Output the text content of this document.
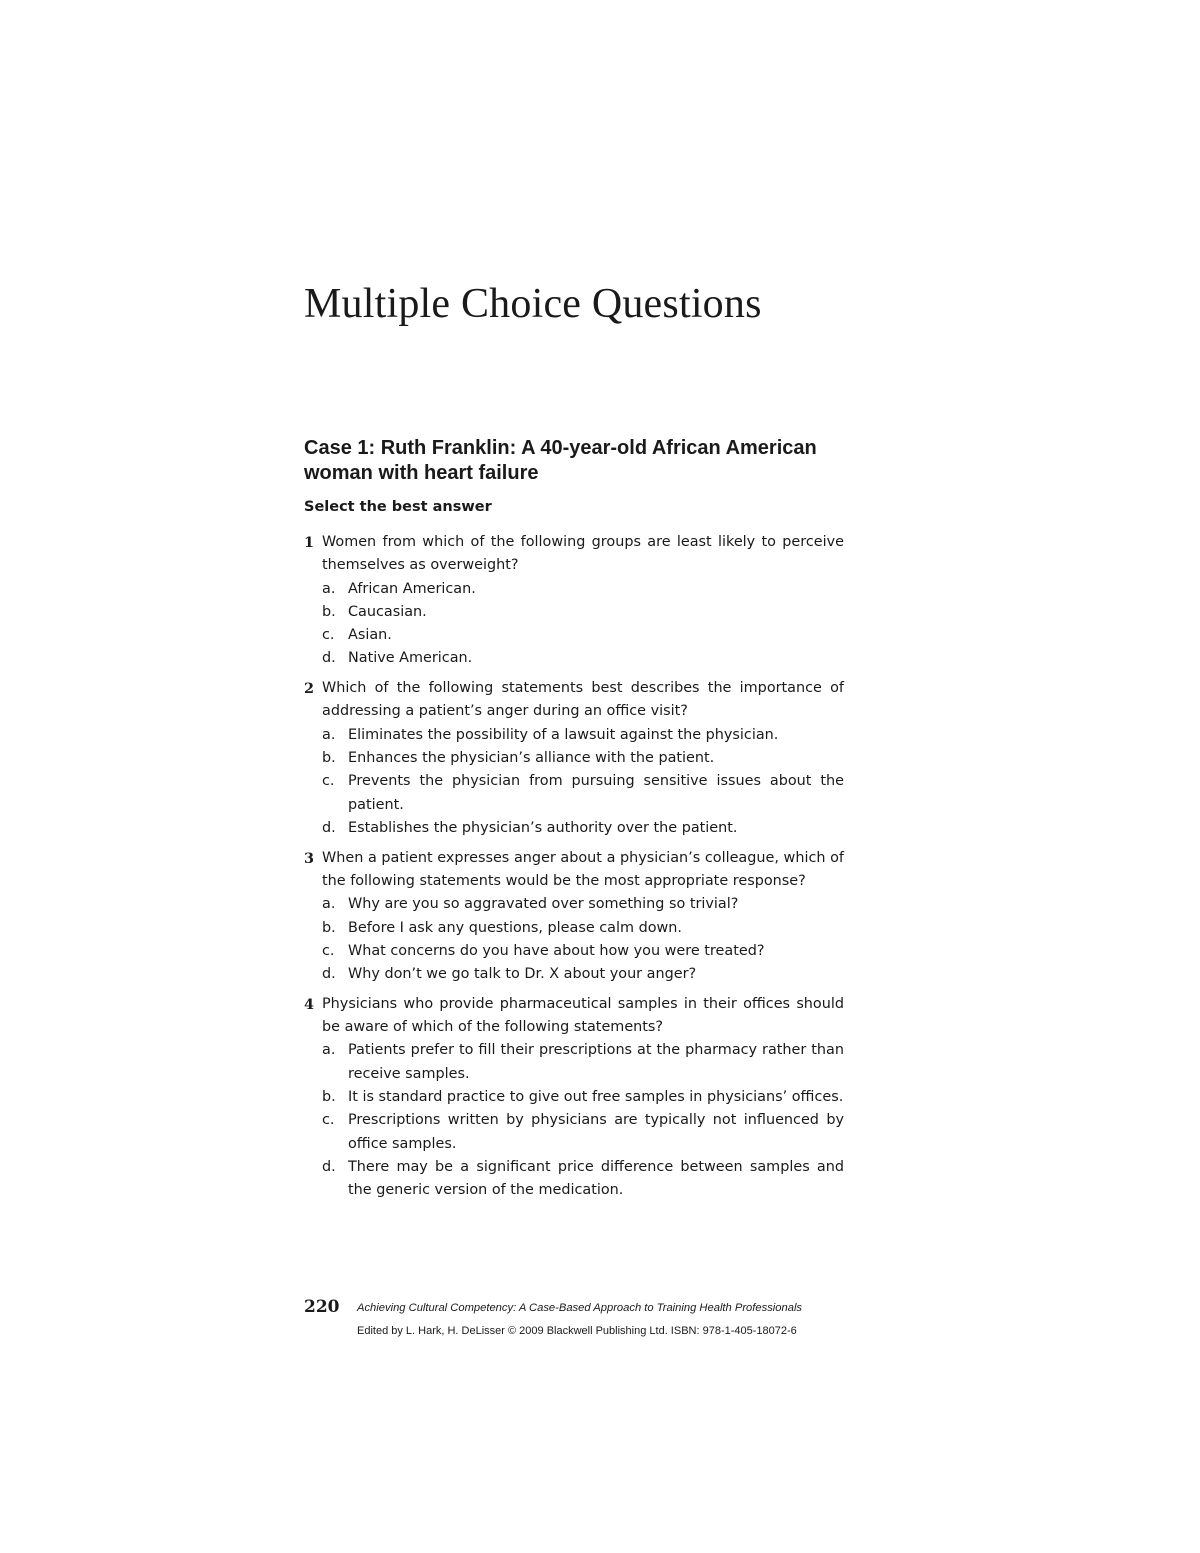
Multiple Choice Questions
Case 1: Ruth Franklin: A 40-year-old African American woman with heart failure

Select the best answer

1 Women from which of the following groups are least likely to perceive themselves as overweight?
a. African American.
b. Caucasian.
c. Asian.
d. Native American.
2 Which of the following statements best describes the importance of addressing a patient’s anger during an office visit?
a. Eliminates the possibility of a lawsuit against the physician.
b. Enhances the physician’s alliance with the patient.
c. Prevents the physician from pursuing sensitive issues about the patient.
d. Establishes the physician’s authority over the patient.
3 When a patient expresses anger about a physician’s colleague, which of the following statements would be the most appropriate response?
a. Why are you so aggravated over something so trivial?
b. Before I ask any questions, please calm down.
c. What concerns do you have about how you were treated?
d. Why don’t we go talk to Dr. X about your anger?
4 Physicians who provide pharmaceutical samples in their offices should be aware of which of the following statements?
a. Patients prefer to fill their prescriptions at the pharmacy rather than receive samples.
b. It is standard practice to give out free samples in physicians’ offices.
c. Prescriptions written by physicians are typically not influenced by office samples.
d. There may be a significant price difference between samples and the generic version of the medication.
220 Achieving Cultural Competency: A Case-Based Approach to Training Health Professionals
Edited by L. Hark, H. DeLisser © 2009 Blackwell Publishing Ltd. ISBN: 978-1-405-18072-6
